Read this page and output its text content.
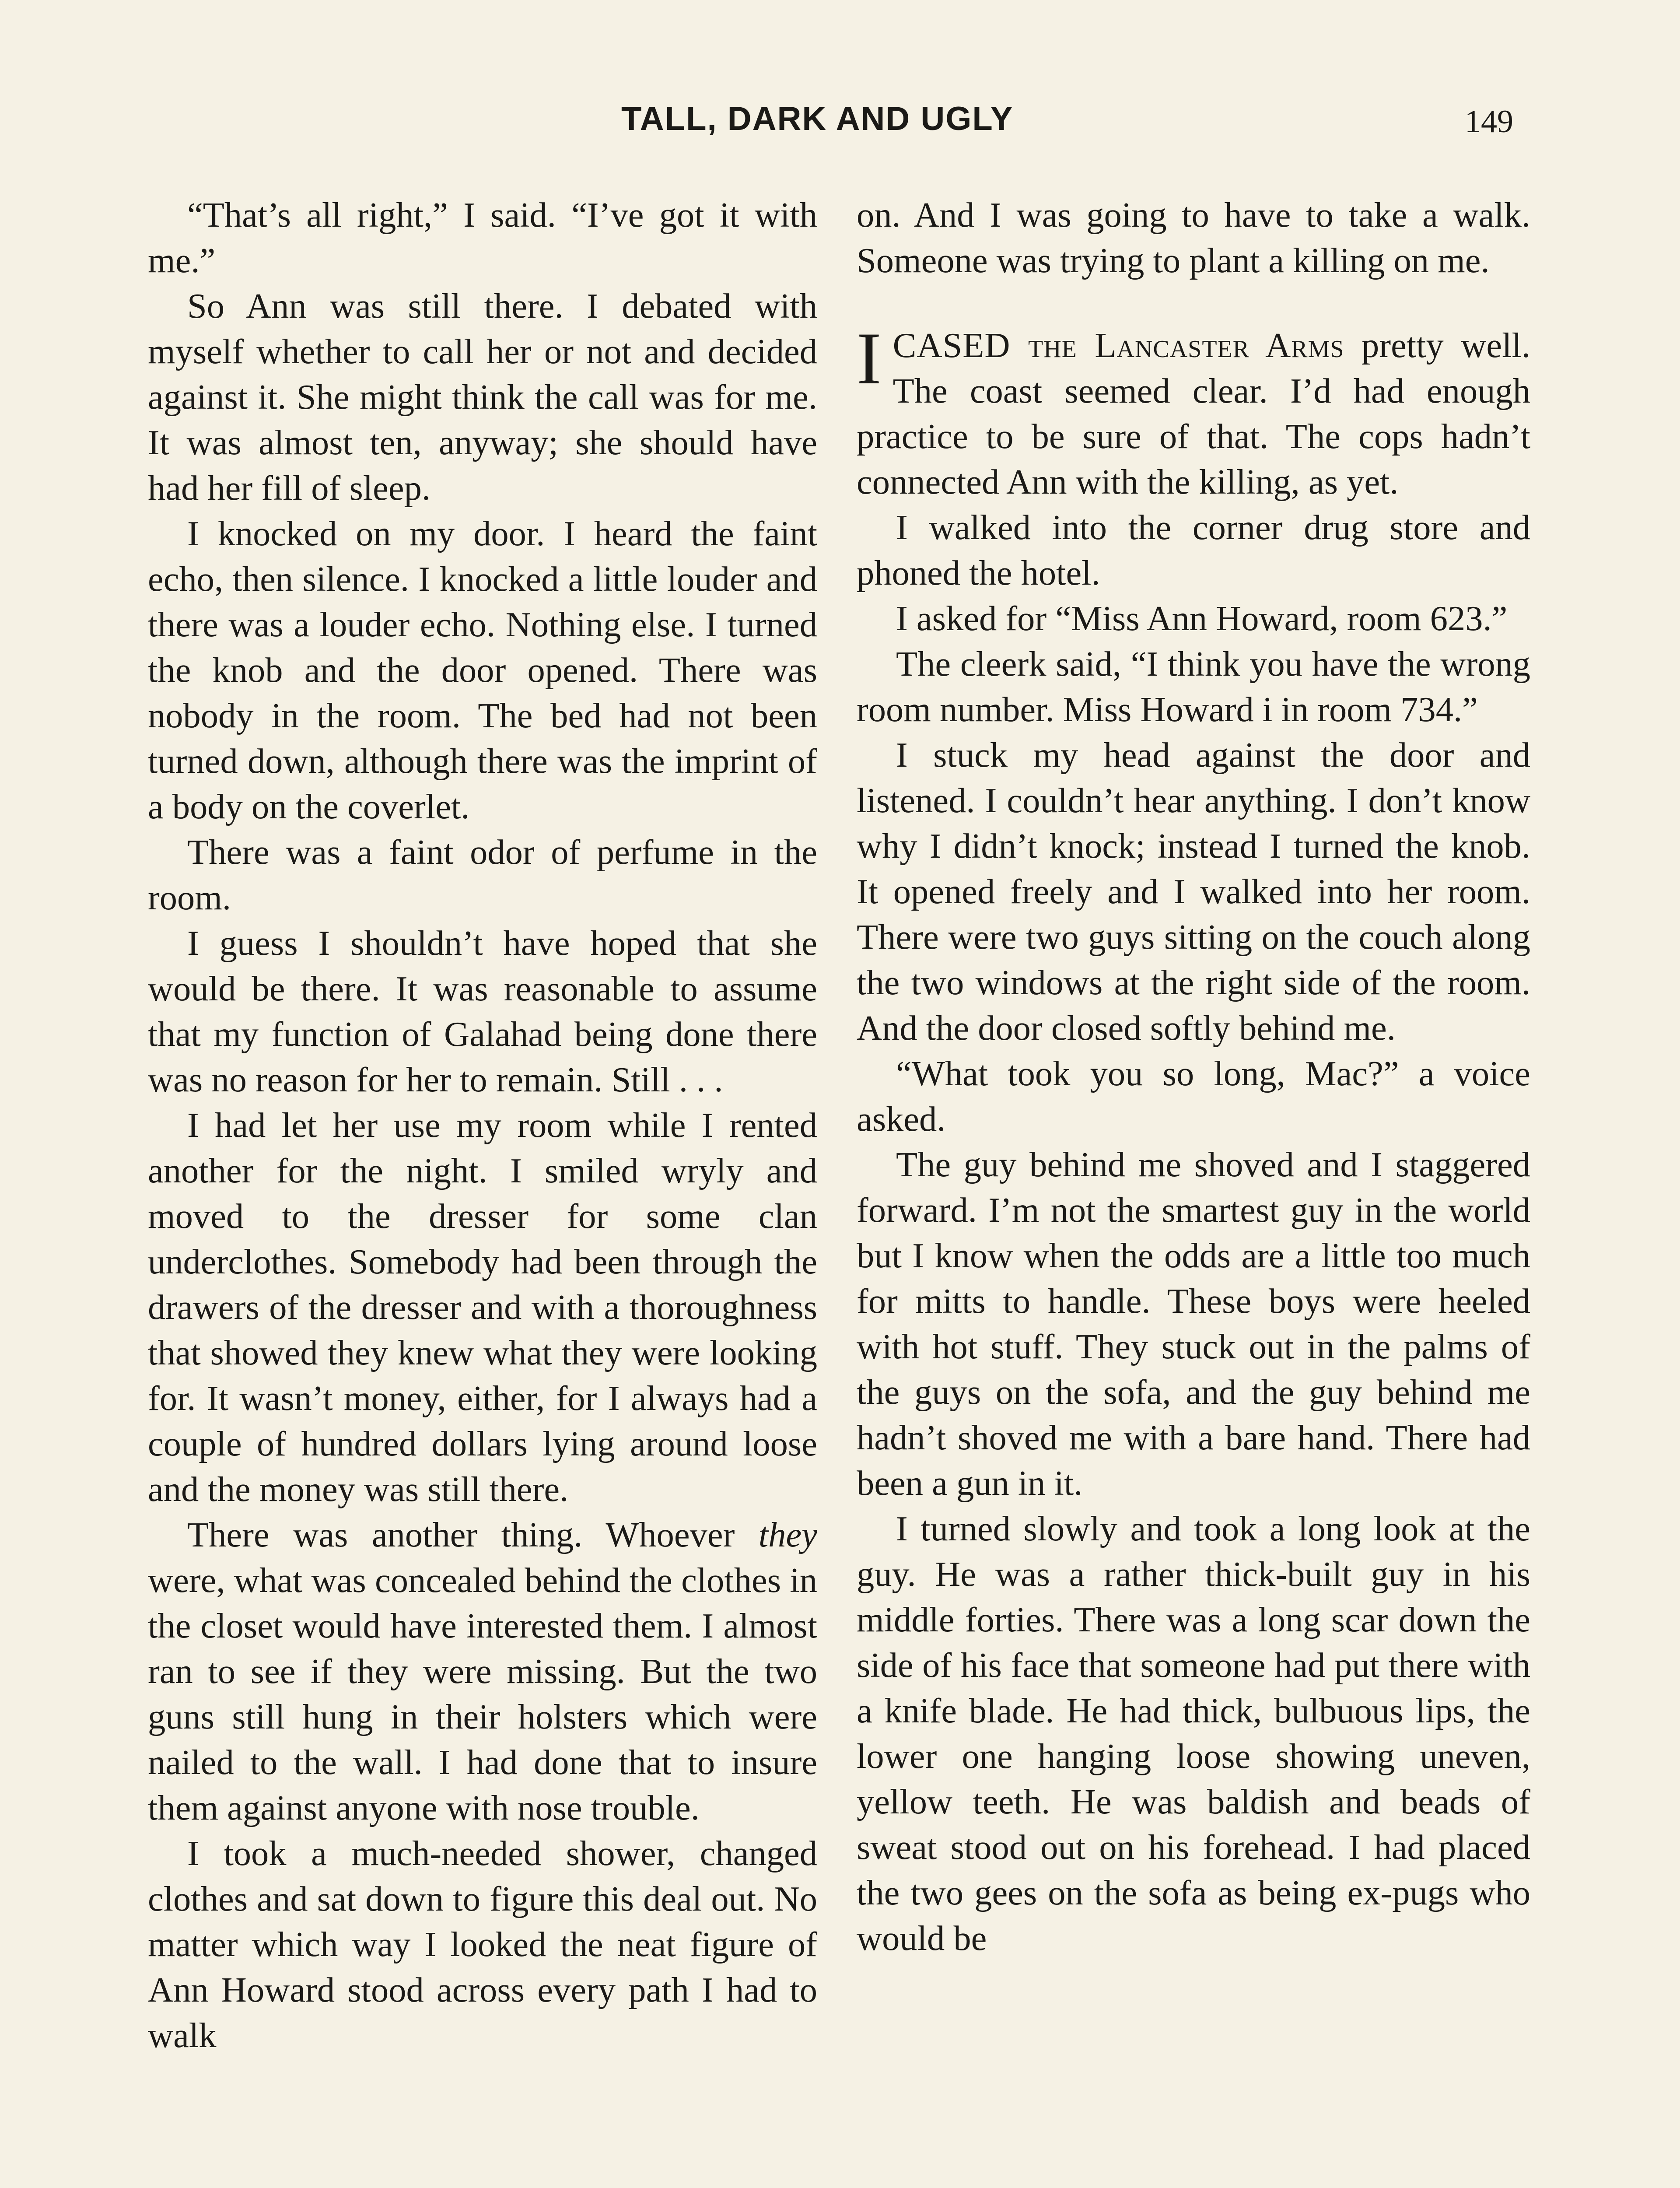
TALL, DARK AND UGLY	149

“That’s all right,” I said. “I’ve got it with me.”

So Ann was still there. I debated with myself whether to call her or not and decided against it. She might think the call was for me. It was almost ten, anyway; she should have had her fill of sleep.

I knocked on my door. I heard the faint echo, then silence. I knocked a little louder and there was a louder echo. Nothing else. I turned the knob and the door opened. There was nobody in the room. The bed had not been turned down, although there was the imprint of a body on the coverlet.

There was a faint odor of perfume in the room.

I guess I shouldn’t have hoped that she would be there. It was reasonable to assume that my function of Galahad being done there was no reason for her to remain. Still . . .

I had let her use my room while I rented another for the night. I smiled wryly and moved to the dresser for some clan underclothes. Somebody had been through the drawers of the dresser and with a thoroughness that showed they knew what they were looking for. It wasn’t money, either, for I always had a couple of hundred dollars lying around loose and the money was still there.

There was another thing. Whoever they were, what was concealed behind the clothes in the closet would have interested them. I almost ran to see if they were missing. But the two guns still hung in their holsters which were nailed to the wall. I had done that to insure them against anyone with nose trouble.

I took a much-needed shower, changed clothes and sat down to figure this deal out. No matter which way I looked the neat figure of Ann Howard stood across every path I had to walk

on. And I was going to have to take a walk. Someone was trying to plant a killing on me.

ICASED the Lancaster Arms pretty well. The coast seemed clear. I’d had enough practice to be sure of that. The cops hadn’t connected Ann with the killing, as yet.

I walked into the corner drug store and phoned the hotel.

I asked for “Miss Ann Howard, room 623.”

The cleerk said, “I think you have the wrong room number. Miss Howard i in room 734.”

I stuck my head against the door and listened. I couldn’t hear anything. I don’t know why I didn’t knock; instead I turned the knob. It opened freely and I walked into her room. There were two guys sitting on the couch along the two windows at the right side of the room. And the door closed softly behind me.

“What took you so long, Mac?” a voice asked.

The guy behind me shoved and I staggered forward. I’m not the smartest guy in the world but I know when the odds are a little too much for mitts to handle. These boys were heeled with hot stuff. They stuck out in the palms of the guys on the sofa, and the guy behind me hadn’t shoved me with a bare hand. There had been a gun in it.

I turned slowly and took a long look at the guy. He was a rather thick-built guy in his middle forties. There was a long scar down the side of his face that someone had put there with a knife blade. He had thick, bulbuous lips, the lower one hanging loose showing uneven, yellow teeth. He was baldish and beads of sweat stood out on his forehead. I had placed the two gees on the sofa as being ex-pugs who would be
